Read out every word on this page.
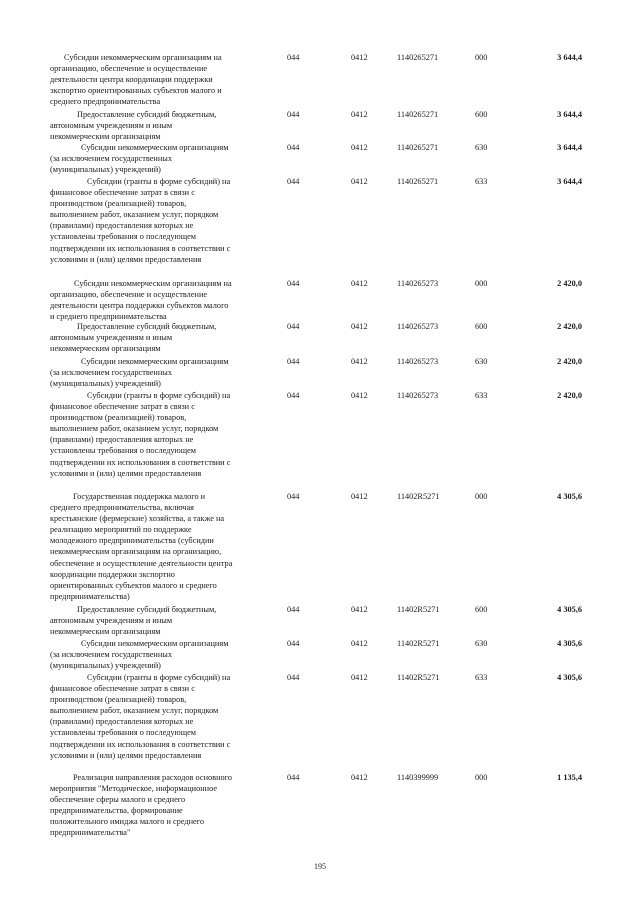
Субсидии некоммерческим организациям на
организацию, обеспечение и осуществление
деятельности центра координации поддержки
экспортно ориентированных субъектов малого и
среднего предпринимательства
044	0412	1140265271	000	3 644,4
Предоставление субсидий бюджетным,
автономным учреждениям и иным
некоммерческим организациям
044	0412	1140265271	600	3 644,4
Субсидии некоммерческим организациям
(за исключением государственных
(муниципальных) учреждений)
044	0412	1140265271	630	3 644,4
Субсидии (гранты в форме субсидий) на
финансовое обеспечение затрат в связи с
производством (реализацией) товаров,
выполнением работ, оказанием услуг, порядком
(правилами) предоставления которых не
установлены требования о последующем
подтверждении их использования в соответствии с
условиями и (или) целями предоставления
044	0412	1140265271	633	3 644,4
Субсидии некоммерческим организациям на
организацию, обеспечение и осуществление
деятельности центра поддержки субъектов малого
и среднего предпринимательства
044	0412	1140265273	000	2 420,0
Предоставление субсидий бюджетным,
автономным учреждениям и иным
некоммерческим организациям
044	0412	1140265273	600	2 420,0
Субсидии некоммерческим организациям
(за исключением государственных
(муниципальных) учреждений)
044	0412	1140265273	630	2 420,0
Субсидии (гранты в форме субсидий) на
финансовое обеспечение затрат в связи с
производством (реализацией) товаров,
выполнением работ, оказанием услуг, порядком
(правилами) предоставления которых не
установлены требования о последующем
подтверждении их использования в соответствии с
условиями и (или) целями предоставления
044	0412	1140265273	633	2 420,0
Государственная поддержка малого и
среднего предпринимательства, включая
крестьянские (фермерские) хозяйства, а также на
реализацию мероприятий по поддержке
молодежного предпринимательства (субсидии
некоммерческим организациям на организацию,
обеспечение и осуществление деятельности центра
координации поддержки экспортно
ориентированных субъектов малого и среднего
предпринимательства)
044	0412	11402R5271	000	4 305,6
Предоставление субсидий бюджетным,
автономным учреждениям и иным
некоммерческим организациям
044	0412	11402R5271	600	4 305,6
Субсидии некоммерческим организациям
(за исключением государственных
(муниципальных) учреждений)
044	0412	11402R5271	630	4 305,6
Субсидии (гранты в форме субсидий) на
финансовое обеспечение затрат в связи с
производством (реализацией) товаров,
выполнением работ, оказанием услуг, порядком
(правилами) предоставления которых не
установлены требования о последующем
подтверждении их использования в соответствии с
условиями и (или) целями предоставления
044	0412	11402R5271	633	4 305,6
Реализация направления расходов основного
мероприятия "Методическое, информационное
обеспечение сферы малого и среднего
предпринимательства, формирование
положительного имиджа малого и среднего
предпринимательства"
044	0412	1140399999	000	1 135,4
195
